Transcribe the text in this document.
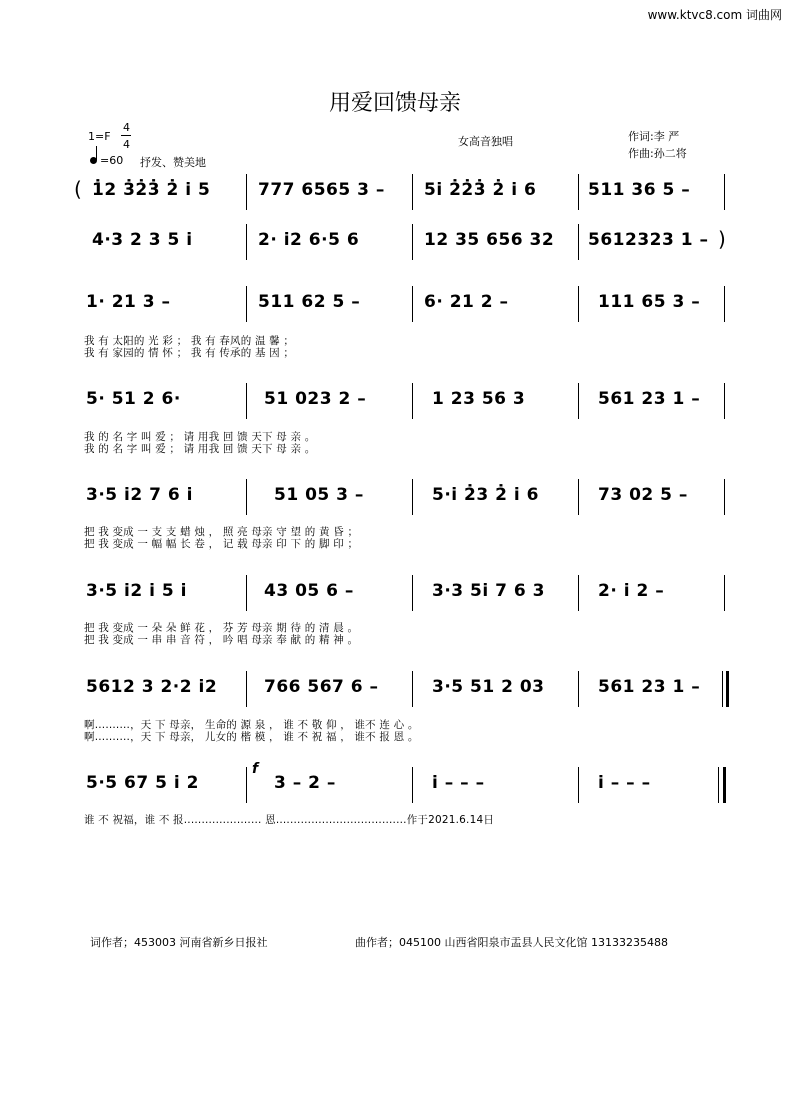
www.ktvc8.com 词曲网
用爱回馈母亲
1=F
4
4
=60 抒发、赞美地
女高音独唱	作词:李 严
作曲:孙二将
( 1̇2 3̇2̇3̇ 2̇ i 5	777 6565 3 – 5i 2̇2̇3̇ 2̇ i 6	511 36 5 –
4·3 2 3 5 i	2· i2 6·5 6	12 35 656 32 5612323 1 – )
1· 21 3 –	511 62 5 –	6· 21 2 –	111 65 3 –
我 有 太阳的 光 彩 ； 我 有 春风的 温 馨 ；
我 有 家园的 情 怀 ； 我 有 传承的 基 因 ；
5· 51 2 6·	51 023 2 –	1 23 56 3	561 23 1 –
我 的 名 字 叫 爱 ； 请 用我 回 馈 天下 母 亲 。
我 的 名 字 叫 爱 ； 请 用我 回 馈 天下 母 亲 。
3·5 i2 7 6 i	51 05 3 –	5·i 2̇3 2̇ i 6	73 02 5 –
把 我 变成 一 支 支 蜡 烛 ， 照 亮 母亲 守 望 的 黄 昏 ；
把 我 变成 一 幅 幅 长 卷 ， 记 载 母亲 印 下 的 脚 印 ；
3·5 i2 i 5 i	43 05 6 –	3·3 5i 7 6 3	2· i 2 –
把 我 变成 一 朵 朵 鲜 花 ， 芬 芳 母亲 期 待 的 清 晨 。
把 我 变成 一 串 串 音 符 ， 吟 唱 母亲 奉 献 的 精 神 。
5612 3 2·2 i2	766 567 6 –	3·5 51 2 03	561 23 1 –
啊..........，天 下 母亲， 生命的 源 泉 ， 谁 不 敬 仰 ， 谁不 连 心 。
啊..........，天 下 母亲， 儿女的 楷 模 ， 谁 不 祝 福 ， 谁不 报 恩 。
5·5 67 5 i 2
f
3 – 2 –	i – – –	i – – –
谁 不 祝福，谁 不 报...................... 恩.....................................作于2021.6.14日
词作者；453003 河南省新乡日报社	曲作者；045100 山西省阳泉市盂县人民文化馆 13133235488
